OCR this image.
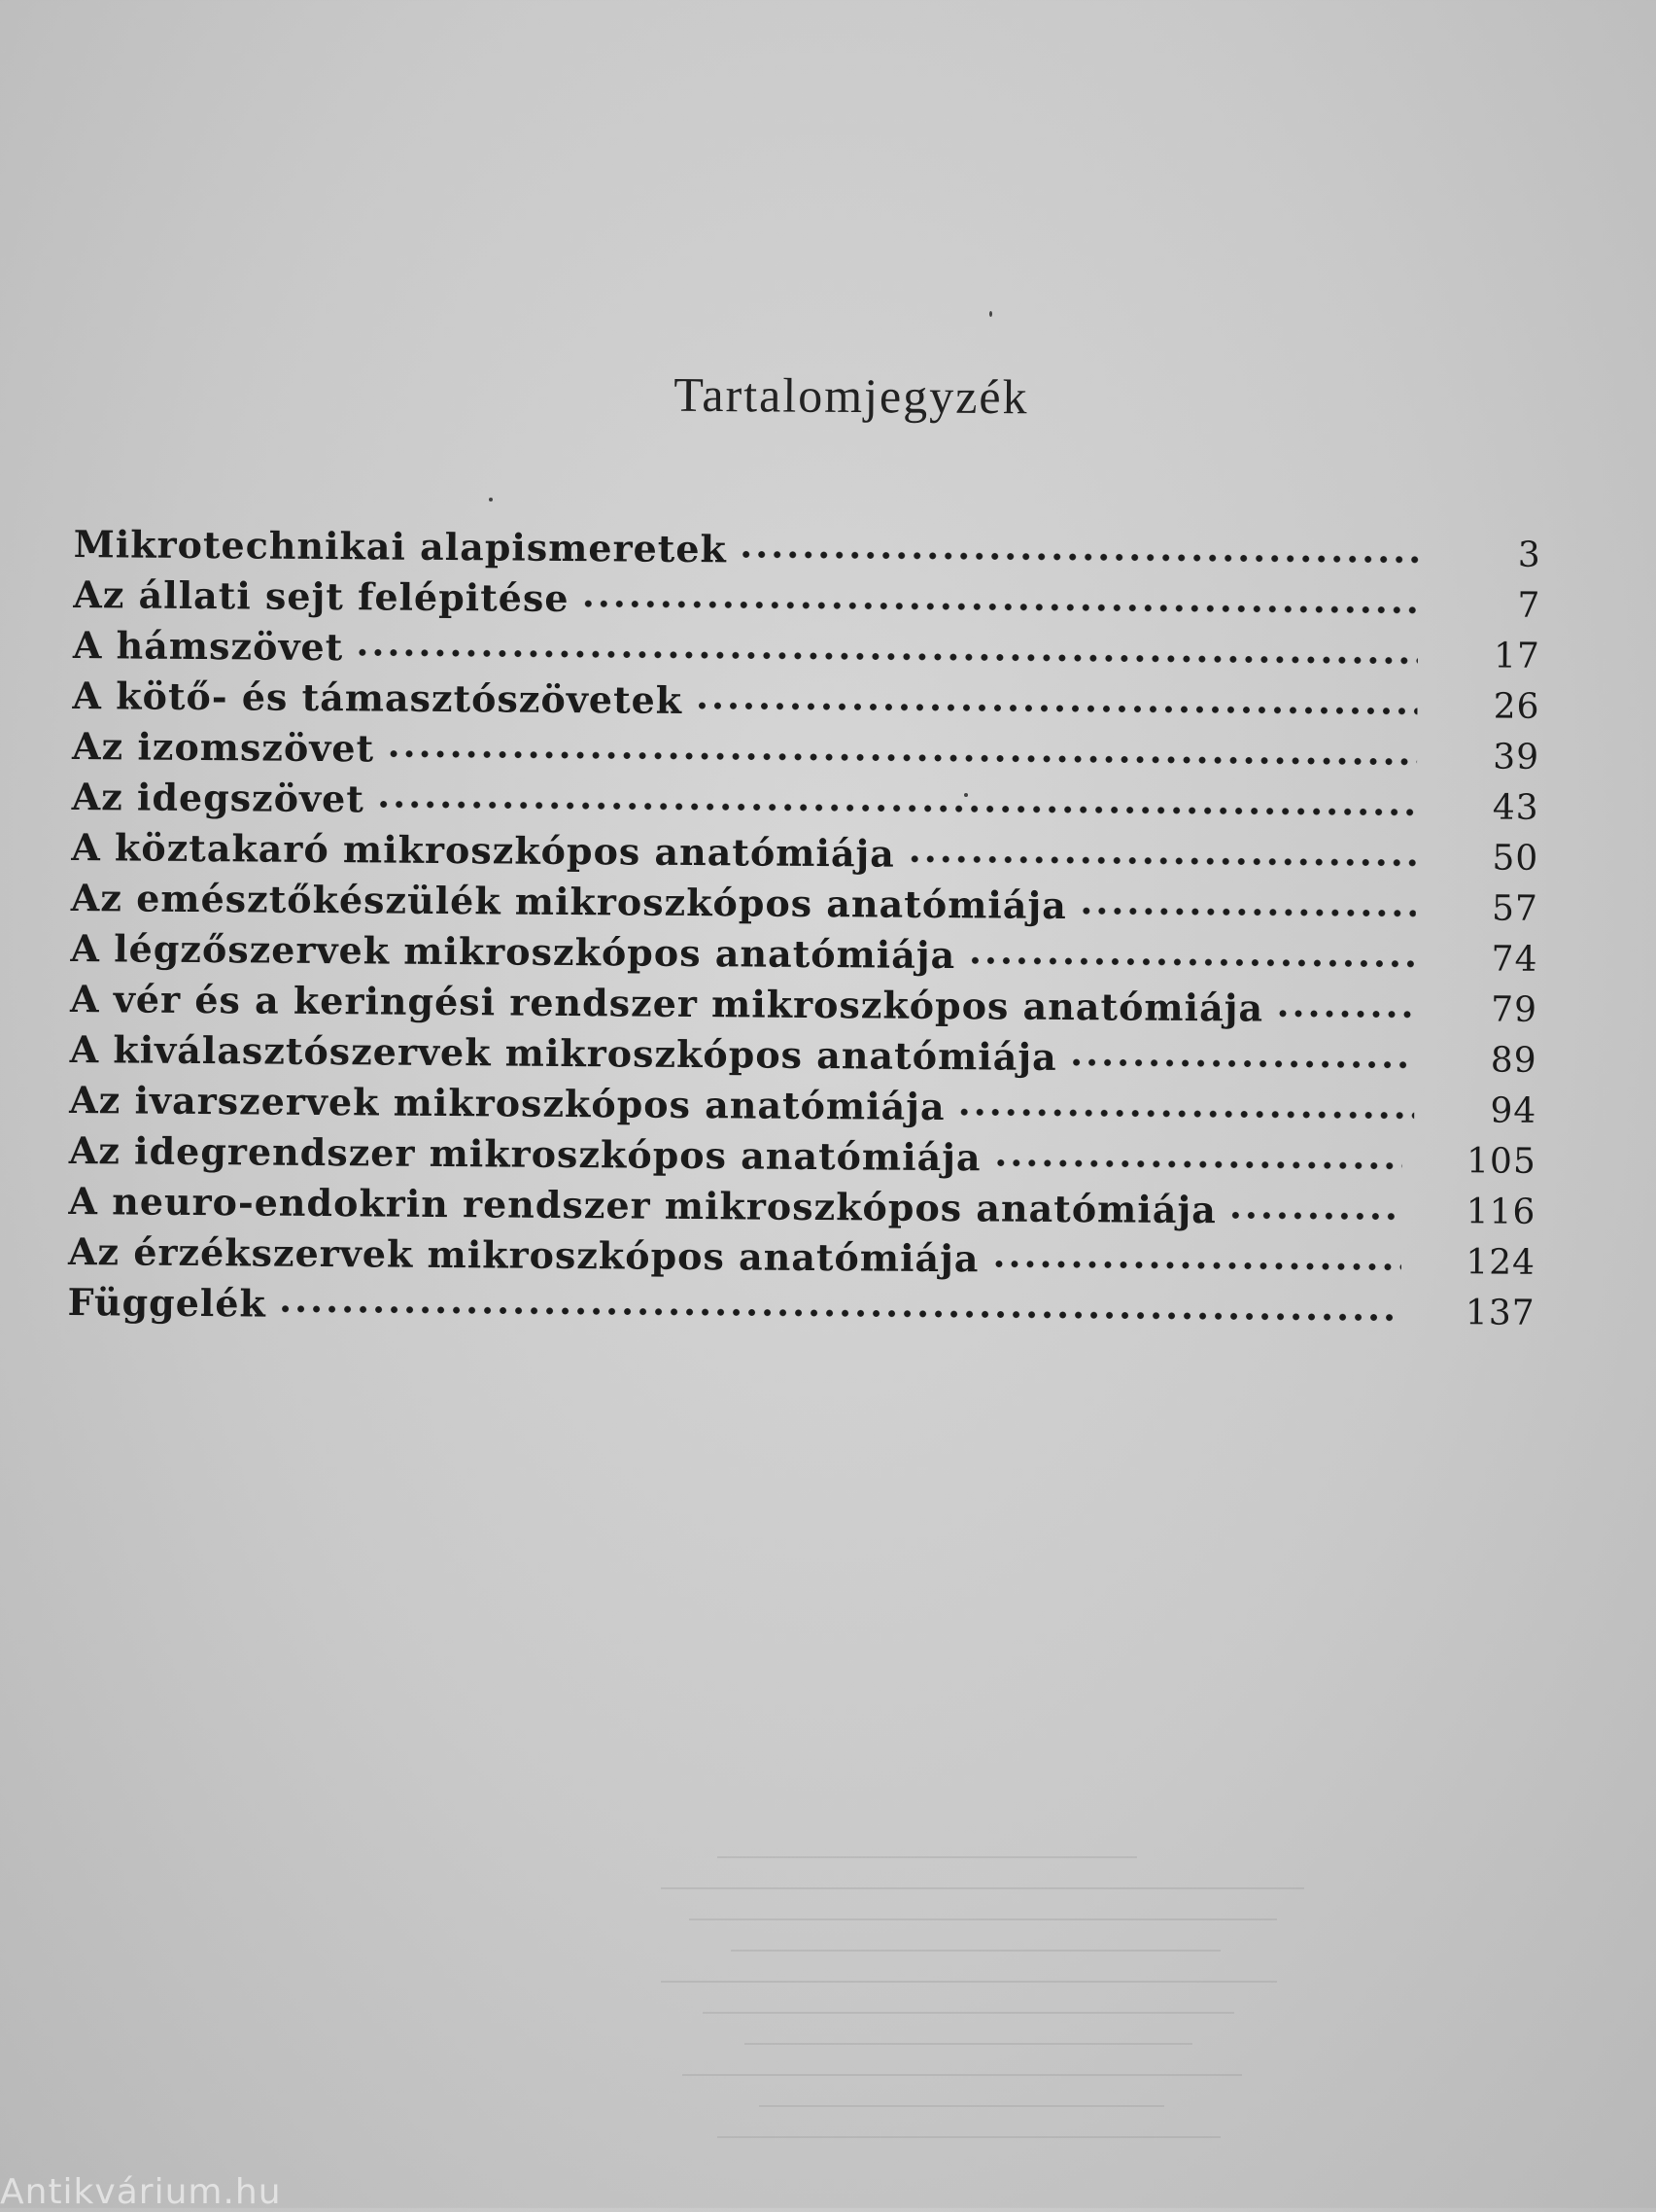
Tartalomjegyzék
Mikrotechnikai alapismeretek	3
Az állati sejt felépitése	7
A hámszövet	17
A kötő- és támasztószövetek	26
Az izomszövet	39
Az idegszövet	43
A köztakaró mikroszkópos anatómiája	50
Az emésztőkészülék mikroszkópos anatómiája	57
A légzőszervek mikroszkópos anatómiája	74
A vér és a keringési rendszer mikroszkópos anatómiája	79
A kiválasztószervek mikroszkópos anatómiája	89
Az ivarszervek mikroszkópos anatómiája	94
Az idegrendszer mikroszkópos anatómiája	105
A neuro-endokrin rendszer mikroszkópos anatómiája	116
Az érzékszervek mikroszkópos anatómiája	124
Függelék	137
Antikvárium.hu
